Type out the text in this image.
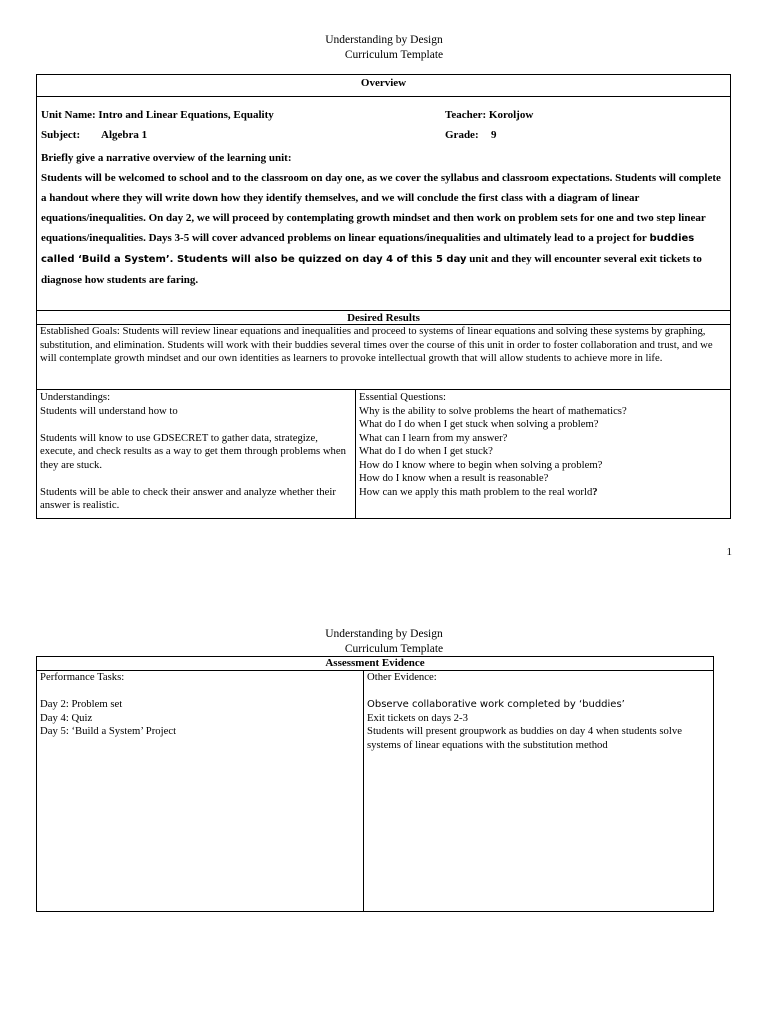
Understanding by Design
Curriculum Template
Overview
Unit Name: Intro and Linear Equations, Equality	Teacher: Koroljow
Subject: Algebra 1	Grade: 9
Briefly give a narrative overview of the learning unit:
Students will be welcomed to school and to the classroom on day one, as we cover the syllabus and classroom expectations. Students will complete a handout where they will write down how they identify themselves, and we will conclude the first class with a diagram of linear equations/inequalities. On day 2, we will proceed by contemplating growth mindset and then work on problem sets for one and two step linear equations/inequalities. Days 3-5 will cover advanced problems on linear equations/inequalities and ultimately lead to a project for buddies called ‘Build a System’. Students will also be quizzed on day 4 of this 5 day unit and they will encounter several exit tickets to diagnose how students are faring.
Desired Results
Established Goals: Students will review linear equations and inequalities and proceed to systems of linear equations and solving these systems by graphing, substitution, and elimination. Students will work with their buddies several times over the course of this unit in order to foster collaboration and trust, and we will contemplate growth mindset and our own identities as learners to provoke intellectual growth that will allow students to achieve more in life.
Understandings:
Students will understand how to
Students will know to use GDSECRET to gather data, strategize, execute, and check results as a way to get them through problems when they are stuck.
Students will be able to check their answer and analyze whether their answer is realistic.
Essential Questions:
Why is the ability to solve problems the heart of mathematics?
What do I do when I get stuck when solving a problem?
What can I learn from my answer?
What do I do when I get stuck?
How do I know where to begin when solving a problem?
How do I know when a result is reasonable?
How can we apply this math problem to the real world?
1
Understanding by Design
Curriculum Template
Assessment Evidence
Performance Tasks:
Day 2: Problem set
Day 4: Quiz
Day 5: ‘Build a System’ Project
Other Evidence:
Observe collaborative work completed by ‘buddies’
Exit tickets on days 2-3
Students will present groupwork as buddies on day 4 when students solve systems of linear equations with the substitution method
